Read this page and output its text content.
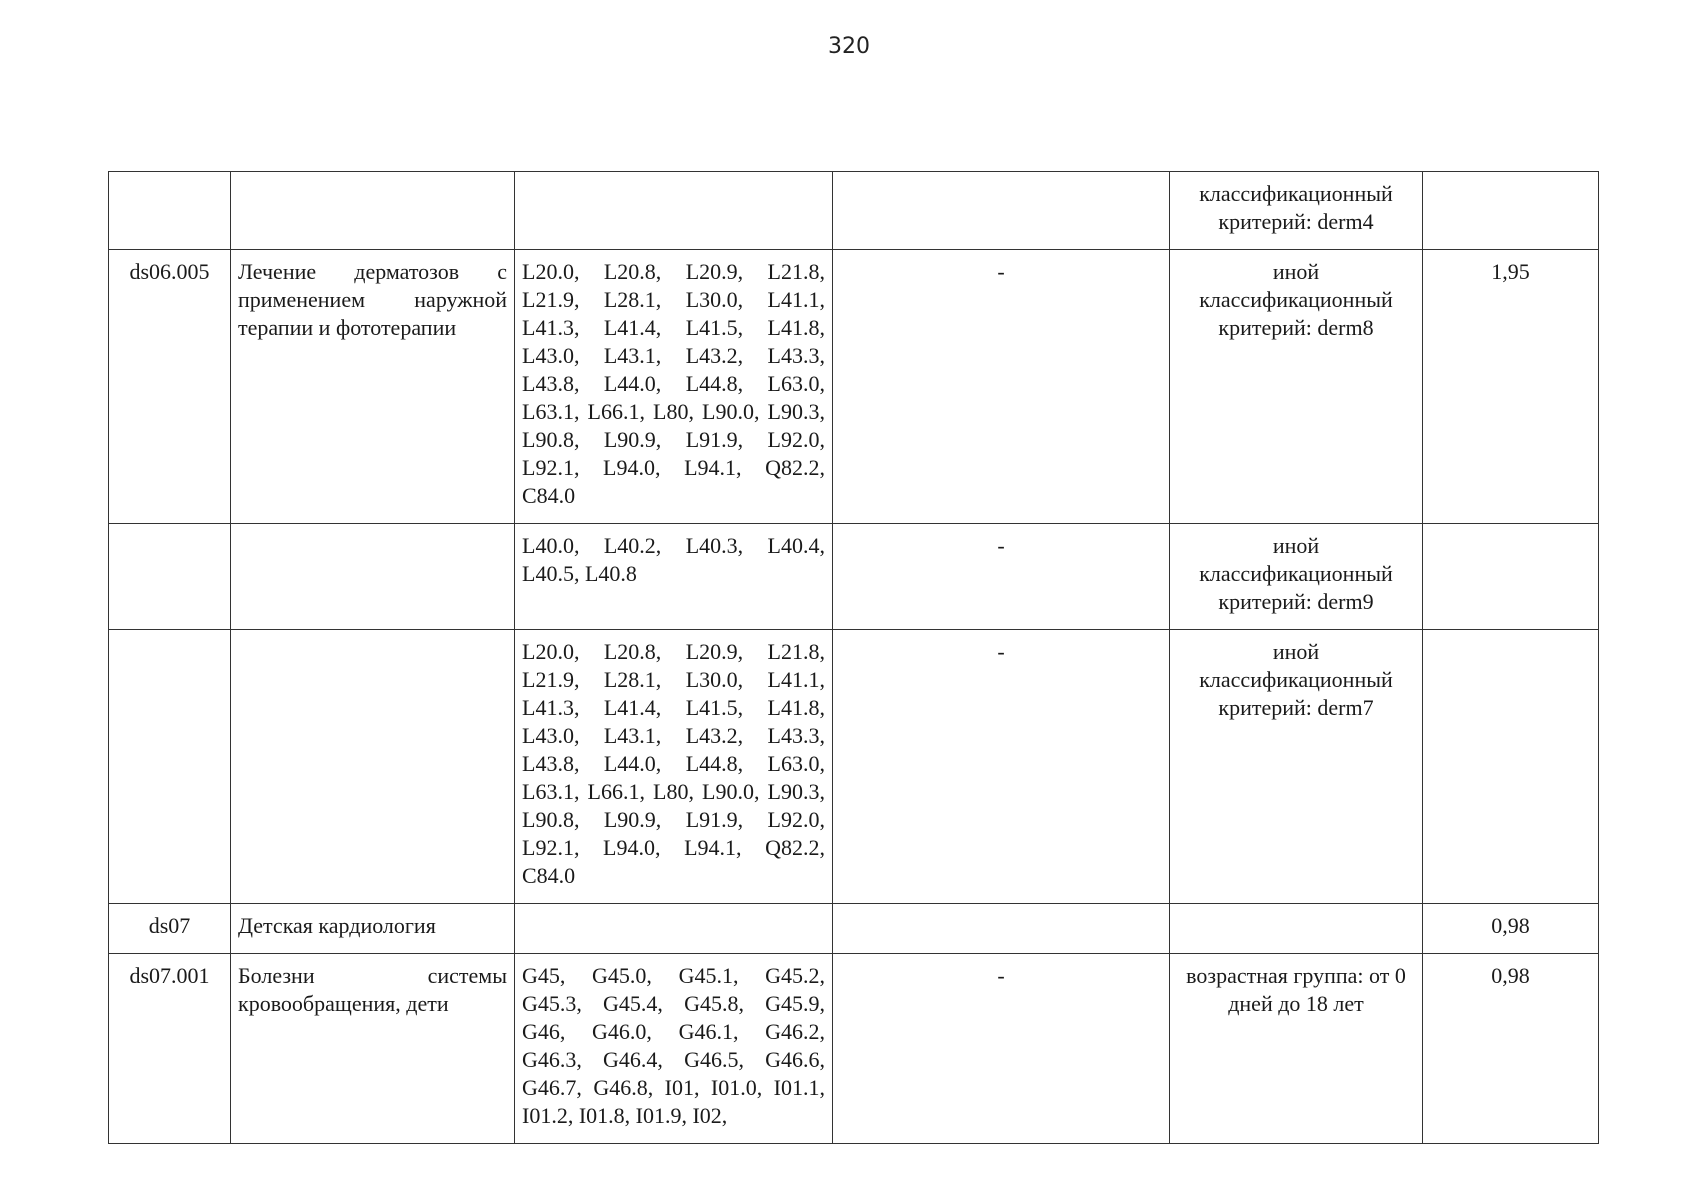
320
				классификационный критерий: derm4	
ds06.005	Лечение дерматозов с применением наружной терапии и фототерапии	L20.0, L20.8, L20.9, L21.8, L21.9, L28.1, L30.0, L41.1, L41.3, L41.4, L41.5, L41.8, L43.0, L43.1, L43.2, L43.3, L43.8, L44.0, L44.8, L63.0, L63.1, L66.1, L80, L90.0, L90.3, L90.8, L90.9, L91.9, L92.0, L92.1, L94.0, L94.1, Q82.2, C84.0	-	иной классификационный критерий: derm8	1,95
		L40.0, L40.2, L40.3, L40.4, L40.5, L40.8	-	иной классификационный критерий: derm9	
		L20.0, L20.8, L20.9, L21.8, L21.9, L28.1, L30.0, L41.1, L41.3, L41.4, L41.5, L41.8, L43.0, L43.1, L43.2, L43.3, L43.8, L44.0, L44.8, L63.0, L63.1, L66.1, L80, L90.0, L90.3, L90.8, L90.9, L91.9, L92.0, L92.1, L94.0, L94.1, Q82.2, C84.0	-	иной классификационный критерий: derm7	
ds07	Детская кардиология				0,98
ds07.001	Болезни системы кровообращения, дети	G45, G45.0, G45.1, G45.2, G45.3, G45.4, G45.8, G45.9, G46, G46.0, G46.1, G46.2, G46.3, G46.4, G46.5, G46.6, G46.7, G46.8, I01, I01.0, I01.1, I01.2, I01.8, I01.9, I02,	-	возрастная группа: от 0 дней до 18 лет	0,98
